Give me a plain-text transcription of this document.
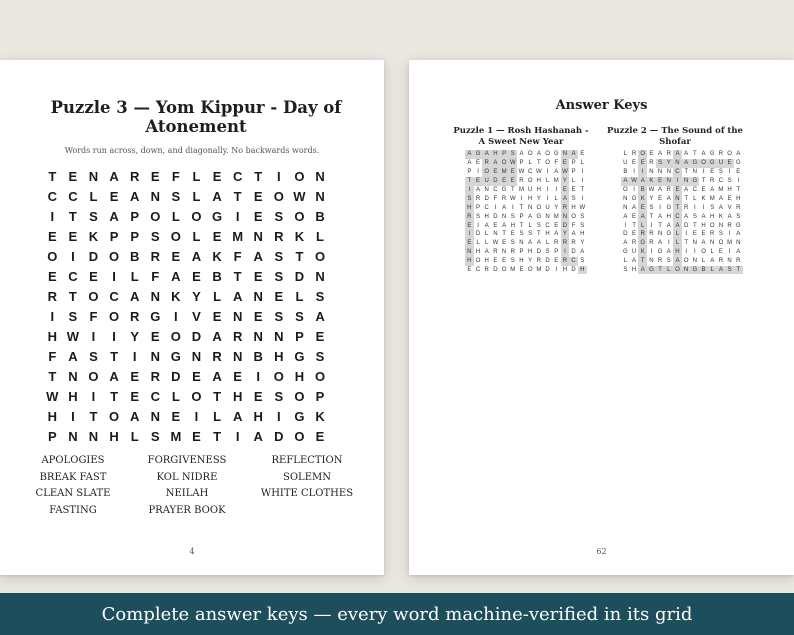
Puzzle 3 — Yom Kippur - Day of Atonement
Words run across, down, and diagonally. No backwards words.
T E N A R E F L E C T	I	O N
C C L E A N S L A T E O W N
I	T S A P O L O G	I	E S O B
E E K P P S O L E M N R K L
O	I	D O B R E A K F A S T O
E C E	I	L F A E B T E S D N
R T O C A N K Y L A N E L S
I	S F O R G	I	V E N E S S A
H W I	I	Y E O D A R N N P E
F A S T	I	N G N R N B H G S
T N O A E R D E A E	I	O H O
W H	I	T E C L O T H E S O P
H	I	T O A N E	I	L A H	I	G K
P N N H L S M E T	I	A D O E
APOLOGIES	FORGIVENESS	REFLECTION
BREAK FAST	KOL NIDRE	SOLEMN
CLEAN SLATE	NEILAH	WHITE CLOTHES
FASTING	PRAYER BOOK
4
Answer Keys
Puzzle 1 — Rosh Hashanah - A Sweet New Year
A G A H P S A O A O G N A E
A E R A O W P L T O F E P L
P I O E M E W C W I A W P I
T E U D E E R O H L M Y L	I
I A N C G T M U H I	I E E T
S R D F R W I H Y I	L A S I
H P C I A I	T N O U Y R H W
R S H D N S P A G N M N O S
E I A E A H T L S C E D F S
I D L N T E S S T H A Y A H
E L L W E S N A A L R R R Y
N H A R N R P H D S P I D A
H O H E E S H Y R D E R C S
E C R D O M E O M D I H D H
Puzzle 2 — The Sound of the Shofar
L R O E A R A A T A G R O A
U E E R S Y N A G O G U E G
B I	I N N N C T N I E S I E
A W A K E N I N G T R C S I
O I B W A R E A C E A M H T
N G K Y E A N T L K M A E H
N A E S I G T R I	I S A V R
A E A T A H C A S A H K A S
I	T L	I	T A A D T H O N R G
D E R R N G L	I E E R S I A
A R G R A I	L T N A N O M N
G U K I G A H I	I O L E I A
L A T N R S A O N L A R N R
S H A G T L O N G B L A S T
62
Complete answer keys — every word machine-verified in its grid
